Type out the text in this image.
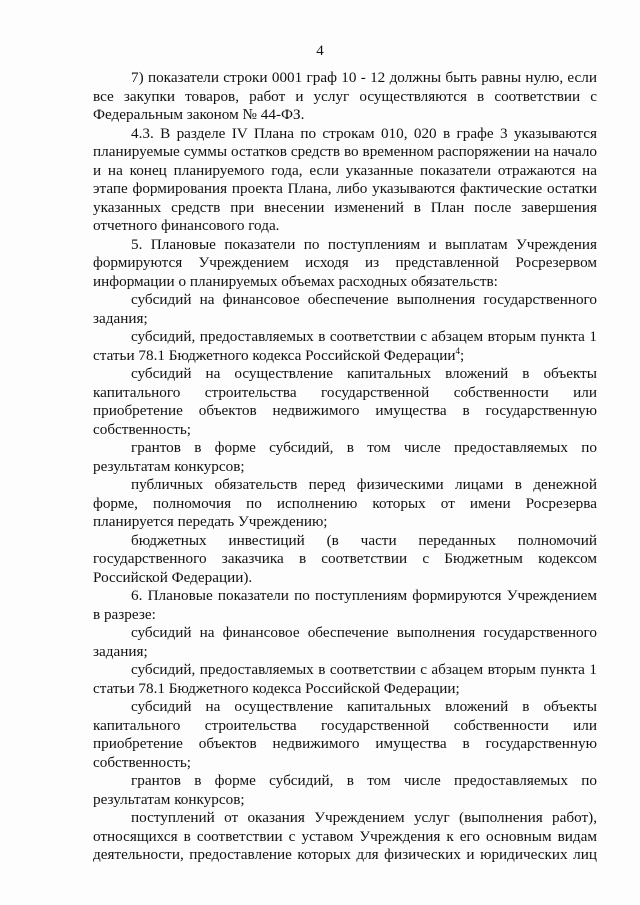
4

7) показатели строки 0001 граф 10 - 12 должны быть равны нулю, если все закупки товаров, работ и услуг осуществляются в соответствии с Федеральным законом № 44-ФЗ.

4.3. В разделе IV Плана по строкам 010, 020 в графе 3 указываются планируемые суммы остатков средств во временном распоряжении на начало и на конец планируемого года, если указанные показатели отражаются на этапе формирования проекта Плана, либо указываются фактические остатки указанных средств при внесении изменений в План после завершения отчетного финансового года.

5. Плановые показатели по поступлениям и выплатам Учреждения формируются Учреждением исходя из представленной Росрезервом информации о планируемых объемах расходных обязательств:

субсидий на финансовое обеспечение выполнения государственного задания;

субсидий, предоставляемых в соответствии с абзацем вторым пункта 1 статьи 78.1 Бюджетного кодекса Российской Федерации$^4$;

субсидий на осуществление капитальных вложений в объекты капитального строительства государственной собственности или приобретение объектов недвижимого имущества в государственную собственность;

грантов в форме субсидий, в том числе предоставляемых по результатам конкурсов;

публичных обязательств перед физическими лицами в денежной форме, полномочия по исполнению которых от имени Росрезерва планируется передать Учреждению;

бюджетных инвестиций (в части переданных полномочий государственного заказчика в соответствии с Бюджетным кодексом Российской Федерации).

6. Плановые показатели по поступлениям формируются Учреждением в разрезе:

субсидий на финансовое обеспечение выполнения государственного задания;

субсидий, предоставляемых в соответствии с абзацем вторым пункта 1 статьи 78.1 Бюджетного кодекса Российской Федерации;

субсидий на осуществление капитальных вложений в объекты капитального строительства государственной собственности или приобретение объектов недвижимого имущества в государственную собственность;

грантов в форме субсидий, в том числе предоставляемых по результатам конкурсов;

поступлений от оказания Учреждением услуг (выполнения работ), относящихся в соответствии с уставом Учреждения к его основным видам деятельности, предоставление которых для физических и юридических лиц
